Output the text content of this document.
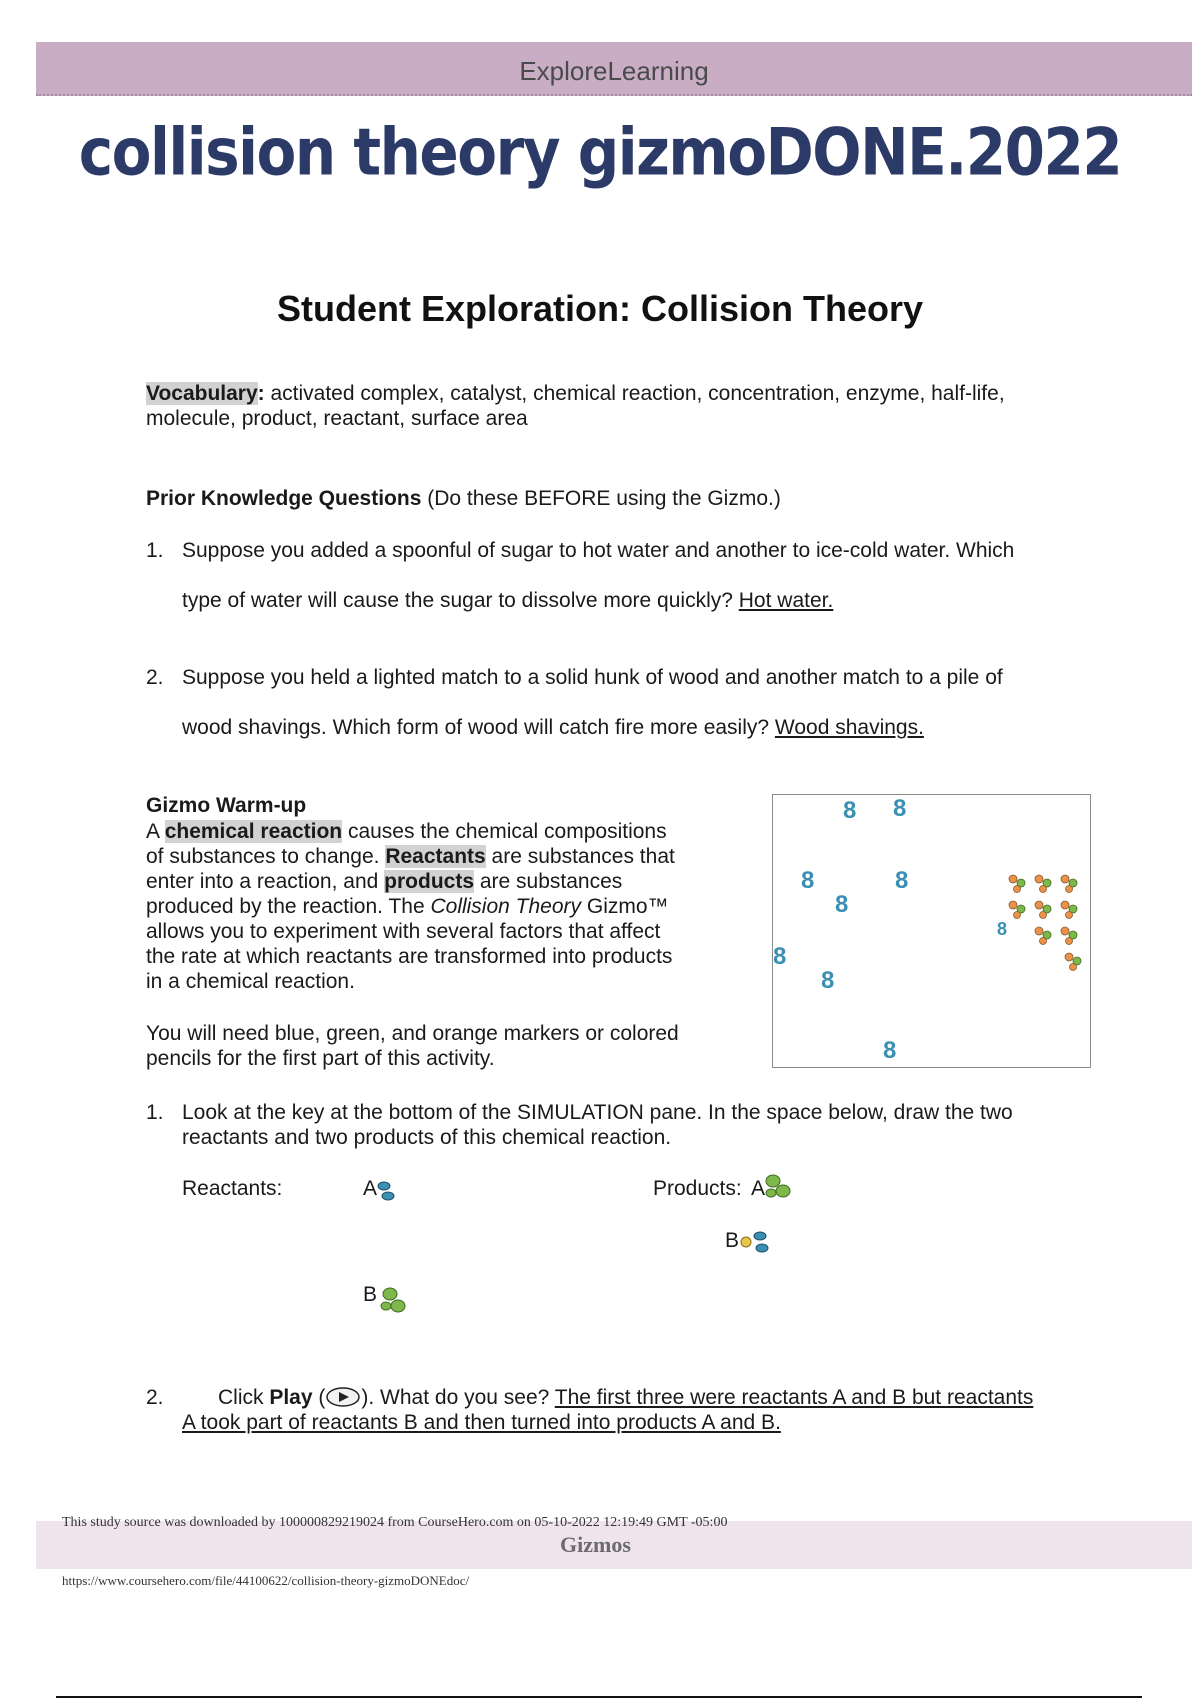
ExploreLearning
collision theory gizmoDONE.2022
Student Exploration: Collision Theory
Vocabulary: activated complex, catalyst, chemical reaction, concentration, enzyme, half-life,
molecule, product, reactant, surface area
Prior Knowledge Questions (Do these BEFORE using the Gizmo.)
1. Suppose you added a spoonful of sugar to hot water and another to ice-cold water. Which
type of water will cause the sugar to dissolve more quickly? Hot water.
2. Suppose you held a lighted match to a solid hunk of wood and another match to a pile of
wood shavings. Which form of wood will catch fire more easily? Wood shavings.
Gizmo Warm-up
A chemical reaction causes the chemical compositions
of substances to change. Reactants are substances that
enter into a reaction, and products are substances
produced by the reaction. The Collision Theory Gizmo™
allows you to experiment with several factors that affect
the rate at which reactants are transformed into products
in a chemical reaction.
You will need blue, green, and orange markers or colored
pencils for the first part of this activity.
8 8
8	8
8
8
8
8
8
1. Look at the key at the bottom of the SIMULATION pane. In the space below, draw the two
reactants and two products of this chemical reaction.
Reactants:	A	Products: A
B
B
2.	Click Play ( ). What do you see? The first three were reactants A and B but reactants
A took part of reactants B and then turned into products A and B.
This study source was downloaded by 100000829219024 from CourseHero.com on 05-10-2022 12:19:49 GMT -05:00
Gizmos
https://www.coursehero.com/file/44100622/collision-theory-gizmoDONEdoc/
